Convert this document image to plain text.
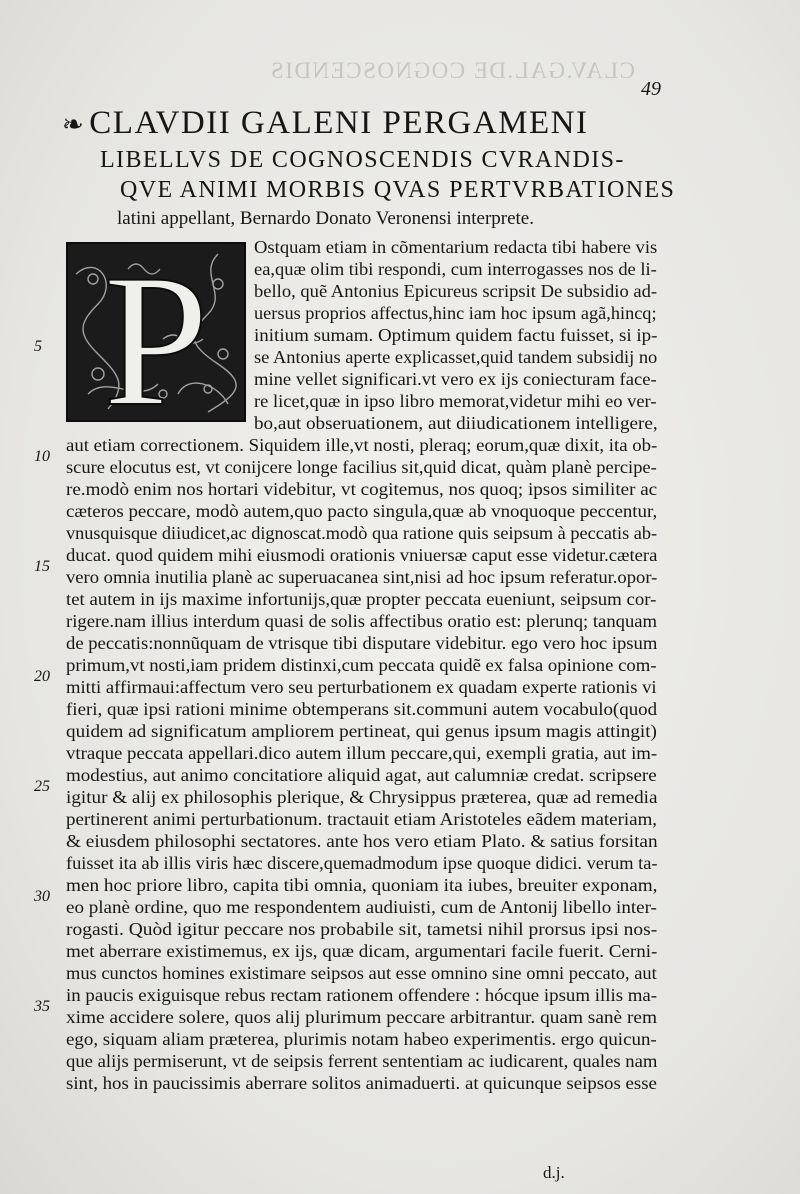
CLAV.GAL.DE COGNOSCENDIS
49
❧ CLAVDII GALENI PERGAMENI
LIBELLVS DE COGNOSCENDIS CVRANDIS-
QVE ANIMI MORBIS QVAS PERTVRBATIONES
latini appellant, Bernardo Donato Veronensi interprete.
P	Ostquam etiam in cõmentarium redacta tibi habere vis
ea,quæ olim tibi respondi, cum interrogasses nos de li-
bello, quẽ Antonius Epicureus scripsit De subsidio ad-
uersus proprios affectus,hinc iam hoc ipsum agã,hincq;
initium sumam. Optimum quidem factu fuisset, si ip-
se Antonius aperte explicasset,quid tandem subsidij no
mine vellet significari.vt vero ex ijs coniecturam face-
re licet,quæ in ipso libro memorat,videtur mihi eo ver-
bo,aut obseruationem, aut diiudicationem intelligere,
aut etiam correctionem. Siquidem ille,vt nosti, pleraq; eorum,quæ dixit, ita ob-
scure elocutus est, vt conijcere longe facilius sit,quid dicat, quàm planè percipe-
re.modò enim nos hortari videbitur, vt cogitemus, nos quoq; ipsos similiter ac
cæteros peccare, modò autem,quo pacto singula,quæ ab vnoquoque peccentur,
vnusquisque diiudicet,ac dignoscat.modò qua ratione quis seipsum à peccatis ab-
ducat. quod quidem mihi eiusmodi orationis vniuersæ caput esse videtur.cætera
vero omnia inutilia planè ac superuacanea sint,nisi ad hoc ipsum referatur.opor-
tet autem in ijs maxime infortunijs,quæ propter peccata eueniunt, seipsum cor-
rigere.nam illius interdum quasi de solis affectibus oratio est: plerunq; tanquam
de peccatis:nonnũquam de vtrisque tibi disputare videbitur. ego vero hoc ipsum
primum,vt nosti,iam pridem distinxi,cum peccata quidẽ ex falsa opinione com-
mitti affirmaui:affectum vero seu perturbationem ex quadam experte rationis vi
fieri, quæ ipsi rationi minime obtemperans sit.communi autem vocabulo(quod
quidem ad significatum ampliorem pertineat, qui genus ipsum magis attingit)
vtraque peccata appellari.dico autem illum peccare,qui, exempli gratia, aut im-
modestius, aut animo concitatiore aliquid agat, aut calumniæ credat. scripsere
igitur & alij ex philosophis plerique, & Chrysippus præterea, quæ ad remedia
pertinerent animi perturbationum. tractauit etiam Aristoteles eãdem materiam,
& eiusdem philosophi sectatores. ante hos vero etiam Plato. & satius forsitan
fuisset ita ab illis viris hæc discere,quemadmodum ipse quoque didici. verum ta-
men hoc priore libro, capita tibi omnia, quoniam ita iubes, breuiter exponam,
eo planè ordine, quo me respondentem audiuisti, cum de Antonij libello inter-
rogasti. Quòd igitur peccare nos probabile sit, tametsi nihil prorsus ipsi nos-
met aberrare existimemus, ex ijs, quæ dicam, argumentari facile fuerit. Cerni-
mus cunctos homines existimare seipsos aut esse omnino sine omni peccato, aut
in paucis exiguisque rebus rectam rationem offendere : hócque ipsum illis ma-
xime accidere solere, quos alij plurimum peccare arbitrantur. quam sanè rem
ego, siquam aliam præterea, plurimis notam habeo experimentis. ergo quicun-
que alijs permiserunt, vt de seipsis ferrent sententiam ac iudicarent, quales nam
sint, hos in paucissimis aberrare solitos animaduerti. at quicunque seipsos esse
5
10
15
20
25
30
35
d.j.
